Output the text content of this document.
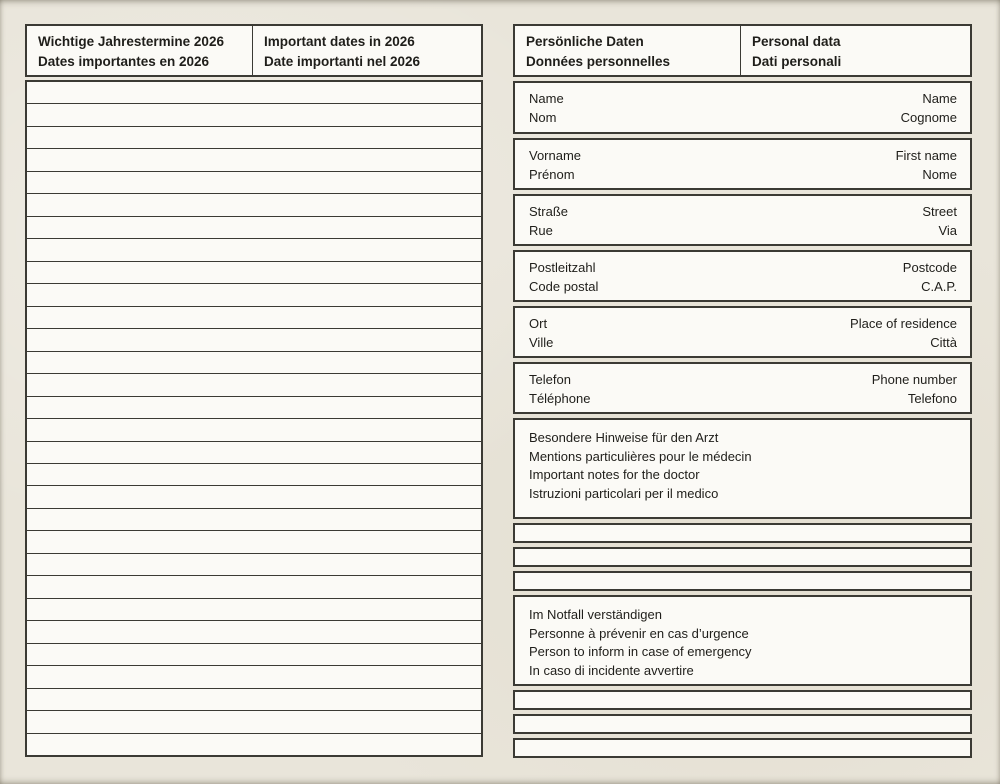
Wichtige Jahrestermine 2026
Dates importantes en 2026
Important dates in 2026
Date importanti nel 2026
Persönliche Daten
Données personnelles
Personal data
Dati personali
Name
Nom
Name
Cognome
Vorname
Prénom
First name
Nome
Straße
Rue
Street
Via
Postleitzahl
Code postal
Postcode
C.A.P.
Ort
Ville
Place of residence
Città
Telefon
Téléphone
Phone number
Telefono
Besondere Hinweise für den Arzt
Mentions particulières pour le médecin
Important notes for the doctor
Istruzioni particolari per il medico
Im Notfall verständigen
Personne à prévenir en cas d’urgence
Person to inform in case of emergency
In caso di incidente avvertire
